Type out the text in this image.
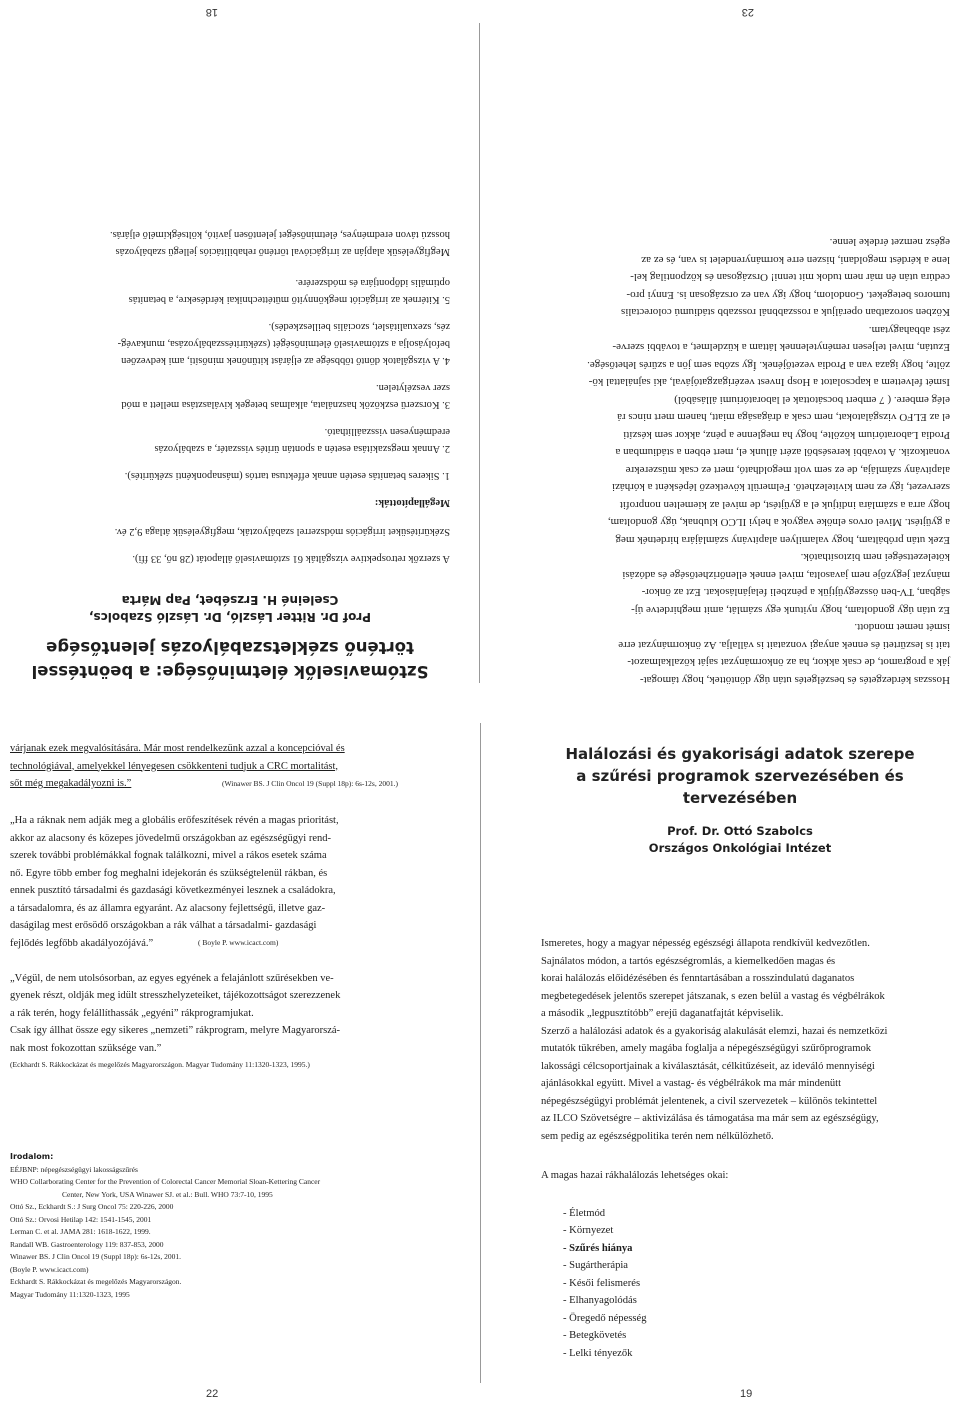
23
18
Hosszas kérdezgetés és beszélgetés után úgy döntöttek, hogy támogat-
ják a programot, de csak akkor, ha az önkormányzat saját közalkalmazot-
tait is leszűrteti és ennek anyagi vonzatait is vállalja. Az önkormányzat erre
ismét nemet mondott.
Ez után úgy gondoltam, hogy nyitunk egy számlát, amit meghirdetve új-
ságban, TV-ben összegyűjtjük a pénzbeli felajánlásokat. Ezt az önkor-
mányzat jegyzője nem javasolta, mivel ennek ellenőrizhetősége és adózási
kötelezettségei nem biztosíthatók.
Ezek után próbáltam, hogy valamilyen alapítvány számlájára hirdetnék meg
a gyűjtést. Mivel orvos elnöke vagyok a helyi ILCO klubnak, úgy gondoltam,
hogy arra a számlára indítjuk el a gyűjtést, de mivel az kiemelten nonprofit
szervezet, így ez nem kivitelezhető. Felmerült következő lépésként a kórházi
alapítvány számlája, de ez sem volt megoldható, mert ez csak műszerekre
vonatkozik. A további keresésből azért állunk el, mert ebben a stádiumban a
Prodia Laboratórium közölte, hogy ha meglenne a pénz, akkor sem készíti
el az ELFO vizsgálatokat, nem csak a drágasága miatt, hanem mert nincs rá
elég embere. ( 7 embert bocsátottak el laboratóriumi állásából)
Ismét felvettem a kapcsolatot a Hosp Invest vezérigazgatójával, aki sajnálattal kö-
zölte, hogy igaza van a Prodia vezetőjének. Így szóba sem jön a szűrés lehetősége.
Ezután, mivel teljesen reménytelennek láttam a küzdelmet, a további szerve-
zést abbahagytam.
Közben sorozatban operáljuk a rosszabbnál rosszabb stádiumú colorectalis
tumoros betegeket. Gondolom, hogy így van ez országosan is. Ennyi pro-
cedúra után én már nem tudok mit tenni! Országosan és központilag kel-
lene a kérdést megoldani, hiszen erre kormányrendelet is van, és ez az
egész nemzet érdeke lenne.
Sztómaviselők életminősége: a beöntéssel
történő székletszabályozás jelentősége
Prof Dr. Ritter László, Dr. László Szabolcs,
Cseleiné H. Erzsébet, Pap Márta

A szerzők retrospektíve vizsgálták 61 sztómaviselő állapotát (28 nő, 33 ffi).

Székürítésüket irrigációs módszerrel szabályozták, megfigyelésük átlaga 9,2 év.

Megállapították:

1. Sikeres betanítás esetén annak effektusa tartós (másnaponkénti székürítés).
2. Annak megszakítása esetén a spontán ürítés visszatér, a szabályozás
eredményesen visszaállítható.
3. Korszerű eszközök használata, alkalmas betegek kiválasztása mellett a mód
szer veszélytelen.
4. A vizsgálatok döntő többsége az eljárást kitűnőnek minősíti, ami kedvezően
befolyásolja a sztómaviselő életminőségét (székürítésszabályozása, munkavég-
zés, szexualitáslet, szociális beilleszkedés).
5. Kitérnek az irrigációt megkönnyítő műtéttechnikai kérdésekre, a betanítás
optimális időpontjára és módszerére.

Megfigyelésük alapján az irrigációval történő rehabilitációs jellegű szabályozás

hosszú távon eredményes, életminőséget jelentősen javító, költségkímélő eljárás.

várjanak ezek megvalósítására. Már most rendelkezünk azzal a koncepcióval és
technológiával, amelyekkel lényegesen csökkenteni tudjuk a CRC mortalitást,
sőt még megakadályozni is.”	$^{(Winawer BS. J Clin Oncol 19 (Suppl 18p): 6s-12s, 2001.)}$
„Ha a ráknak nem adják meg a globális erőfeszítések révén a magas prioritást,
akkor az alacsony és közepes jövedelmű országokban az egészségügyi rend-
szerek további problémákkal fognak találkozni, mivel a rákos esetek száma
nő. Egyre több ember fog meghalni idejekorán és szükségtelenül rákban, és
ennek pusztító társadalmi és gazdasági következményei lesznek a családokra,
a társadalomra, és az államra egyaránt. Az alacsony fejlettségű, illetve gaz-
daságilag mest erősödő országokban a rák válhat a társadalmi- gazdasági
fejlődés legfőbb akadályozójává.”	$^{( Boyle P. www.icact.com)}$
„Végül, de nem utolsósorban, az egyes egyének a felajánlott szűrésekben ve-
gyenek részt, oldják meg idült stresszhelyzeteiket, tájékozottságot szerezzenek
a rák terén, hogy felállíthassák „egyéni” rákprogramjukat.
Csak így állhat össze egy sikeres „nemzeti” rákprogram, melyre Magyarorszá-
nak most fokozottan szüksége van.”
(Eckhardt S. Rákkockázat és megelőzés Magyarországon. Magyar Tudomány 11:1320-1323, 1995.)
Irodalom:
EÉJBNP: népegészségügyi lakosságszűrés
WHO Collarborating Center for the Prevention of Colorectal Cancer Memorial Sloan-Kettering Cancer
Center, New York, USA Winawer SJ. et al.: Bull. WHO 73:7-10, 1995
Ottó Sz., Eckhardt S.: J Surg Oncol 75: 220-226, 2000
Ottó Sz.: Orvosi Hetilap 142: 1541-1545, 2001
Lerman C. et al. JAMA 281: 1618-1622, 1999.
Randall WB. Gastroenterology 119: 837-853, 2000
Winawer BS. J Clin Oncol 19 (Suppl 18p): 6s-12s, 2001.
(Boyle P. www.icact.com)
Eckhardt S. Rákkockázat és megelőzés Magyarországon.
Magyar Tudomány 11:1320-1323, 1995
Halálozási és gyakorisági adatok szerepe
a szűrési programok szervezésében és
tervezésében
Prof. Dr. Ottó Szabolcs
Országos Onkológiai Intézet
Ismeretes, hogy a magyar népesség egészségi állapota rendkívül kedvezőtlen.
Sajnálatos módon, a tartós egészségromlás, a kiemelkedően magas és
korai halálozás előidézésében és fenntartásában a rosszindulatú daganatos
megbetegedések jelentős szerepet játszanak, s ezen belül a vastag és végbélrákok
a második „legpusztítóbb” erejű daganatfajtát képviselik.
Szerző a halálozási adatok és a gyakoriság alakulását elemzi, hazai és nemzetközi
mutatók tükrében, amely magába foglalja a népegészségügyi szűrőprogramok
lakossági célcsoportjainak a kiválasztását, célkitűzéseit, az ideváló mennyiségi
ajánlásokkal együtt. Mivel a vastag- és végbélrákok ma már mindenütt
népegészségügyi problémát jelentenek, a civil szervezetek – különös tekintettel
az ILCO Szövetségre – aktivizálása és támogatása ma már sem az egészségügy,
sem pedig az egészségpolitika terén nem nélkülözhető.

A magas hazai rákhalálozás lehetséges okai:

- Életmód
- Környezet
- Szűrés hiánya
- Sugártherápia
- Késői felismerés
- Elhanyagolódás
- Öregedő népesség
- Betegkövetés
- Lelki tényezők
22	19
